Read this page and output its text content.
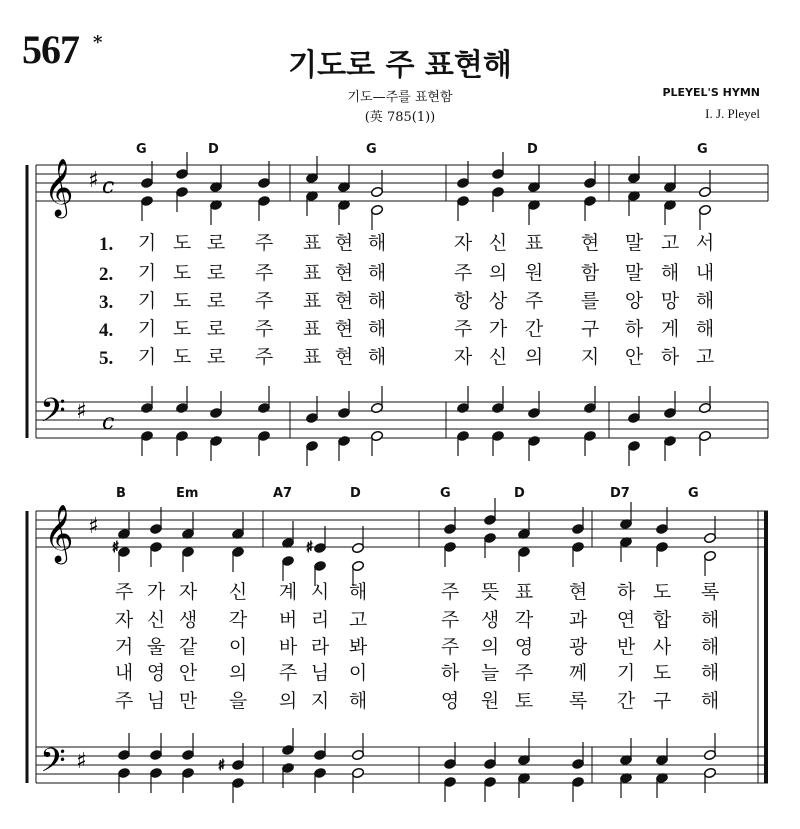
567 *
기도로 주 표현해
기도—주를 표현함
(英 785(1))
PLEYEL'S HYMN
I. J. Pleyel
G	D	G	D	G
B	Em	A7	D	G	D	D7	G
♯	♯
♯
𝄞 ♯ c
𝄢 ♯ c
𝄞 ♯
𝄢 ♯
1.
2.
3.
4.
5.
기 도 로 주 표 현 해	자 신 표 현 말 고 서
기 도 로 주 표 현 해	주 의 원 함 말 해 내
기 도 로 주 표 현 해	항 상 주 를 앙 망 해
기 도 로 주 표 현 해	주 가 간 구 하 게 해
기 도 로 주 표 현 해	자 신 의 지 안 하 고
주 가 자 신 계 시 해	주 뜻 표 현 하 도 록
자 신 생 각 버 리 고	주 생 각 과 연 합 해
거 울 같 이 바 라 봐	주 의 영 광 반 사 해
내 영 안 의 주 님 이	하 늘 주 께 기 도 해
주 님 만 을 의 지 해	영 원 토 록 간 구 해
